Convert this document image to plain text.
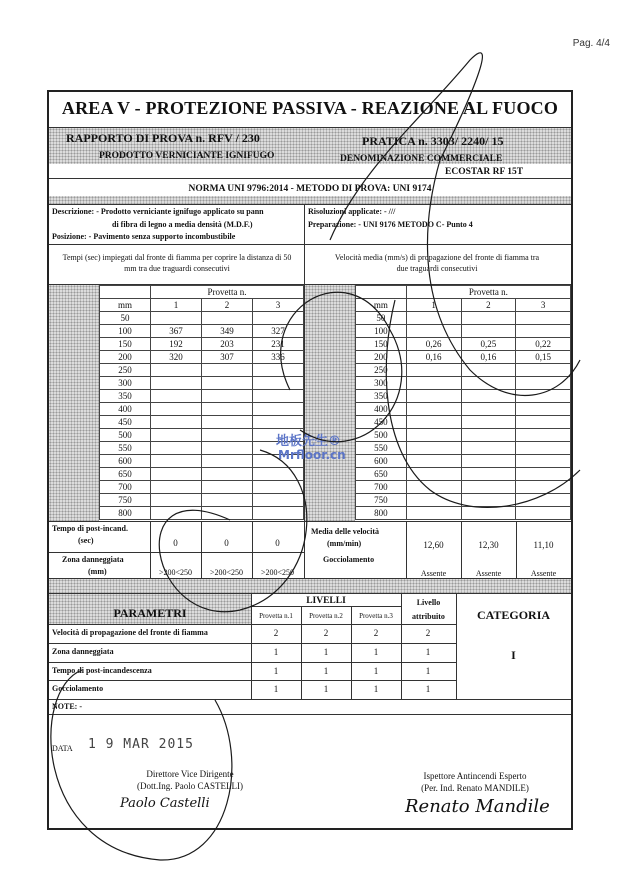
Pag. 4/4
AREA V - PROTEZIONE PASSIVA - REAZIONE AL FUOCO
RAPPORTO DI PROVA n. RFV / 230	PRATICA n. 3303/ 2240/ 15
PRODOTTO VERNICIANTE IGNIFUGO	DENOMINAZIONE COMMERCIALE
ECOSTAR RF 15T
NORMA UNI 9796:2014 - METODO DI PROVA: UNI 9174
Descrizione: - Prodotto verniciante ignifugo applicato su pann
di fibra di legno a media densità (M.D.F.)
Posizione: - Pavimento senza supporto incombustibile
Risoluzioni applicate: - ///
Preparazione: - UNI 9176 METODO C- Punto 4
Tempi (sec) impiegati dal fronte di fiamma per coprire la distanza di 50 mm tra due traguardi consecutivi
Velocità media (mm/s) di propagazione del fronte di fiamma tra due traguardi consecutivi
	Provetta n.		
mm	1	2	3
50			
100	367	349	327
150	192	203	231
200	320	307	336
250			
300			
350			
400			
450			
500			
550			
600			
650			
700			
750			
800			
	Provetta n.		
mm	1	2	3
50			
100			
150	0,26	0,25	0,22
200	0,16	0,16	0,15
250			
300			
350			
400			
450			
500			
550			
600			
650			
700			
750			
800			
Tempo di post-incand.
(sec)	0	0	0
Zona danneggiata
(mm)	>200<250	>200<250	>200<250
Media delle velocità
(mm/min)
Gocciolamento
12,60	12,30	11,10
Assente	Assente	Assente
PARAMETRI
LIVELLI
Provetta n.1	Provetta n.2	Provetta n.3
Livello
attribuito	CATEGORIA
I
Velocità di propagazione del fronte di fiamma	2	2	2	2
Zona danneggiata	1	1	1	1
Tempo di post-incandescenza	1	1	1	1
Gocciolamento	1	1	1	1
NOTE: -
DATA 1 9 MAR 2015
Direttore Vice Dirigente
(Dott.Ing. Paolo CASTELLI)
Paolo Castelli
Ispettore Antincendi Esperto
(Per. Ind. Renato MANDILE)
Renato Mandile
地板先生®
Mrfloor.cn
